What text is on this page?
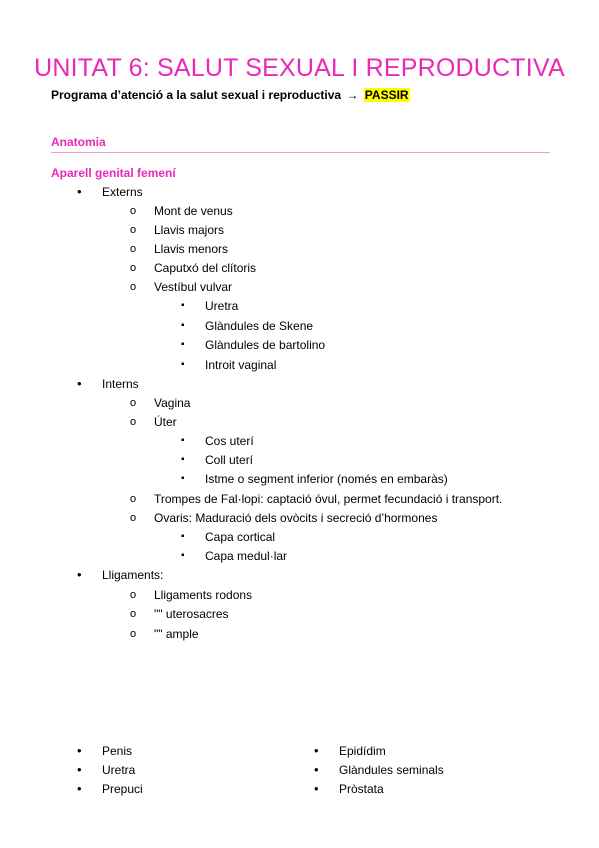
UNITAT 6: SALUT SEXUAL I REPRODUCTIVA
Programa d’atenció a la salut sexual i reproductiva → PASSIR
Anatomia
Aparell genital femení
• Externs
o Mont de venus
o Llavis majors
o Llavis menors
o Caputxó del clítoris
o Vestíbul vulvar
▪ Uretra
▪ Glàndules de Skene
▪ Glàndules de bartolino
▪ Introit vaginal
• Interns
o Vagina
o Úter
▪ Cos uterí
▪ Coll uterí
▪ Istme o segment inferior (només en embaràs)
o Trompes de Fal·lopi: captació óvul, permet fecundació i transport.
o Ovaris: Maduració dels ovòcits i secreció d’hormones
▪ Capa cortical
▪ Capa medul·lar
• Lligaments:
o Lligaments rodons
o "" uterosacres
o "" ample
• Penis
• Uretra
• Prepuci
• Epidídim
• Glàndules seminals
• Pròstata
